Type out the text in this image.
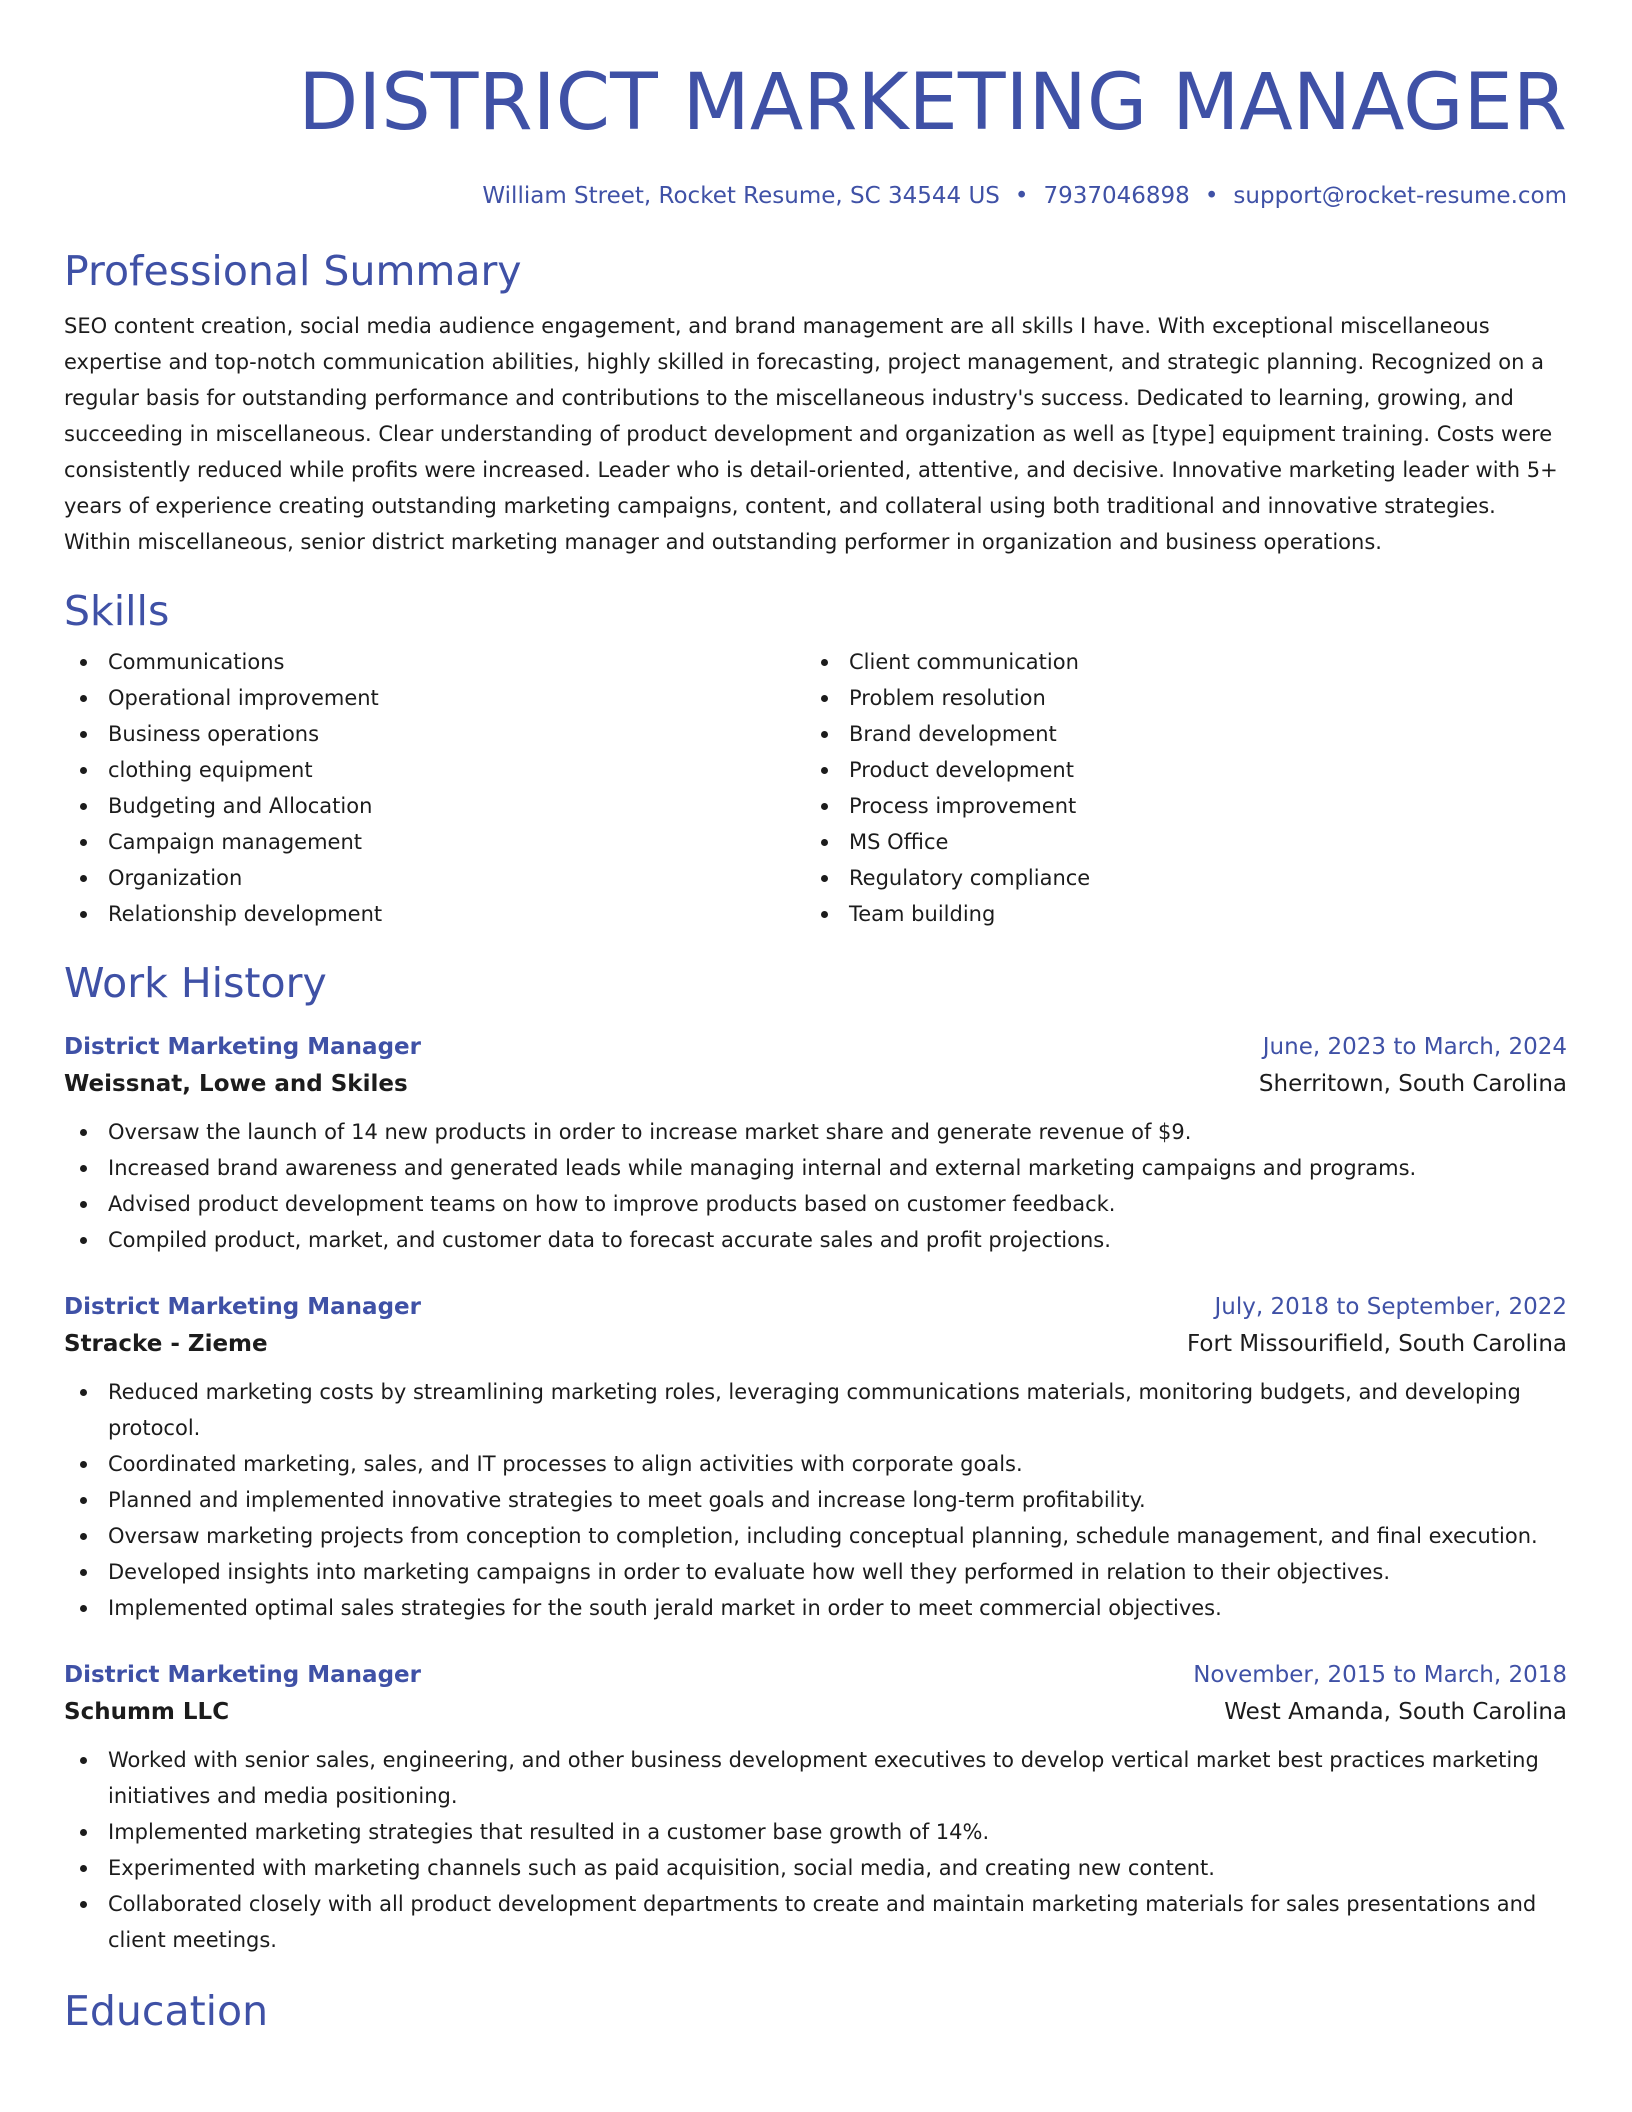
DISTRICT MARKETING MANAGER
William Street, Rocket Resume, SC 34544 US • 7937046898 • support@rocket-resume.com
Professional Summary
SEO content creation, social media audience engagement, and brand management are all skills I have. With exceptional miscellaneous expertise and top-notch communication abilities, highly skilled in forecasting, project management, and strategic planning. Recognized on a regular basis for outstanding performance and contributions to the miscellaneous industry's success. Dedicated to learning, growing, and succeeding in miscellaneous. Clear understanding of product development and organization as well as [type] equipment training. Costs were consistently reduced while profits were increased. Leader who is detail-oriented, attentive, and decisive. Innovative marketing leader with 5+ years of experience creating outstanding marketing campaigns, content, and collateral using both traditional and innovative strategies. Within miscellaneous, senior district marketing manager and outstanding performer in organization and business operations.
Skills
Communications
Operational improvement
Business operations
clothing equipment
Budgeting and Allocation
Campaign management
Organization
Relationship development
Client communication
Problem resolution
Brand development
Product development
Process improvement
MS Office
Regulatory compliance
Team building
Work History
District Marketing Manager	June, 2023 to March, 2024
Weissnat, Lowe and Skiles	Sherritown, South Carolina
Oversaw the launch of 14 new products in order to increase market share and generate revenue of $9.
Increased brand awareness and generated leads while managing internal and external marketing campaigns and programs.
Advised product development teams on how to improve products based on customer feedback.
Compiled product, market, and customer data to forecast accurate sales and profit projections.
District Marketing Manager	July, 2018 to September, 2022
Stracke - Zieme	Fort Missourifield, South Carolina
Reduced marketing costs by streamlining marketing roles, leveraging communications materials, monitoring budgets, and developing protocol.
Coordinated marketing, sales, and IT processes to align activities with corporate goals.
Planned and implemented innovative strategies to meet goals and increase long-term profitability.
Oversaw marketing projects from conception to completion, including conceptual planning, schedule management, and final execution.
Developed insights into marketing campaigns in order to evaluate how well they performed in relation to their objectives.
Implemented optimal sales strategies for the south jerald market in order to meet commercial objectives.
District Marketing Manager	November, 2015 to March, 2018
Schumm LLC	West Amanda, South Carolina
Worked with senior sales, engineering, and other business development executives to develop vertical market best practices marketing initiatives and media positioning.
Implemented marketing strategies that resulted in a customer base growth of 14%.
Experimented with marketing channels such as paid acquisition, social media, and creating new content.
Collaborated closely with all product development departments to create and maintain marketing materials for sales presentations and client meetings.
Education
